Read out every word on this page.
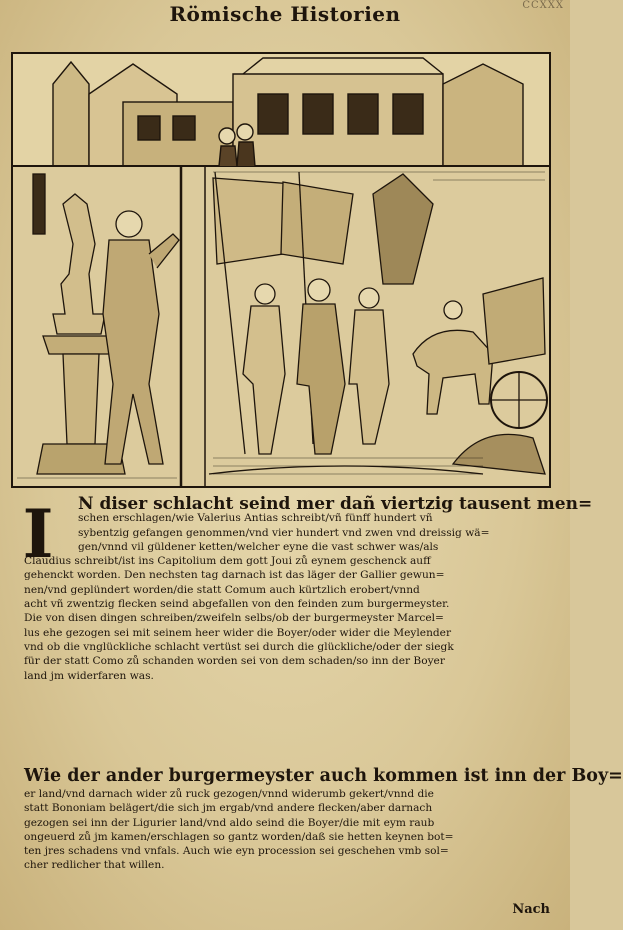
Römische Historien	CCXXX
I	N diser schlacht seind mer dañ viertzig tausent men=
schen erschlagen/wie Valerius Antias schreibt/vñ fünff hundert vñ
sybentzig gefangen genommen/vnd vier hundert vnd zwen vnd dreissig wä=
gen/vnnd vil güldener ketten/welcher eyne die vast schwer was/als
Claudius schreibt/ist ins Capitolium dem gott Joui zů eynem geschenck auff
gehenckt worden. Den nechsten tag darnach ist das läger der Gallier gewun=
nen/vnd geplündert worden/die statt Comum auch kürtzlich erobert/vnnd
acht vñ zwentzig flecken seind abgefallen von den feinden zum burgermeyster.
Die von disen dingen schreiben/zweifeln selbs/ob der burgermeyster Marcel=
lus ehe gezogen sei mit seinem heer wider die Boyer/oder wider die Meylender
vnd ob die vnglückliche schlacht vertüst sei durch die glückliche/oder der siegk
für der statt Como zů schanden worden sei von dem schaden/so inn der Boyer
land jm widerfaren was.
Wie der ander burgermeyster auch kommen ist inn der Boy=
er land/vnd darnach wider zů ruck gezogen/vnnd widerumb gekert/vnnd die
statt Bononiam belägert/die sich jm ergab/vnd andere flecken/aber darnach
gezogen sei inn der Ligurier land/vnd aldo seind die Boyer/die mit eym raub
ongeuerd zů jm kamen/erschlagen so gantz worden/daß sie hetten keynen bot=
ten jres schadens vnd vnfals. Auch wie eyn procession sei geschehen vmb sol=
cher redlicher that willen.
Nach
